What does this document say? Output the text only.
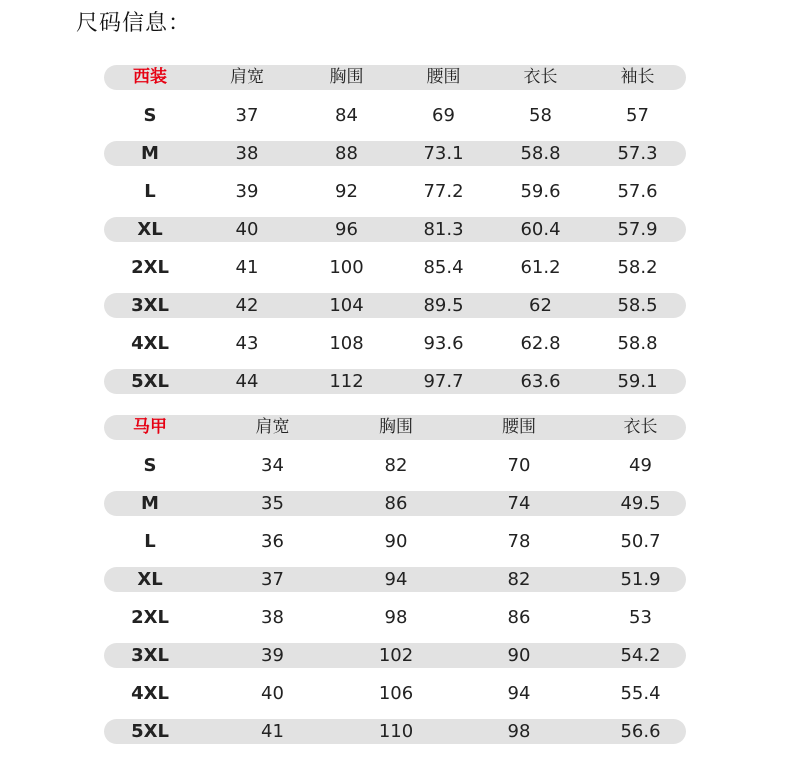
尺码信息：
西装	肩宽	胸围	腰围	衣长	袖长
S	37	84	69	58	57
M	38	88	73.1	58.8	57.3
L	39	92	77.2	59.6	57.6
XL	40	96	81.3	60.4	57.9
2XL	41	100	85.4	61.2	58.2
3XL	42	104	89.5	62	58.5
4XL	43	108	93.6	62.8	58.8
5XL	44	112	97.7	63.6	59.1
马甲	肩宽	胸围	腰围	衣长
S	34	82	70	49
M	35	86	74	49.5
L	36	90	78	50.7
XL	37	94	82	51.9
2XL	38	98	86	53
3XL	39	102	90	54.2
4XL	40	106	94	55.4
5XL	41	110	98	56.6
